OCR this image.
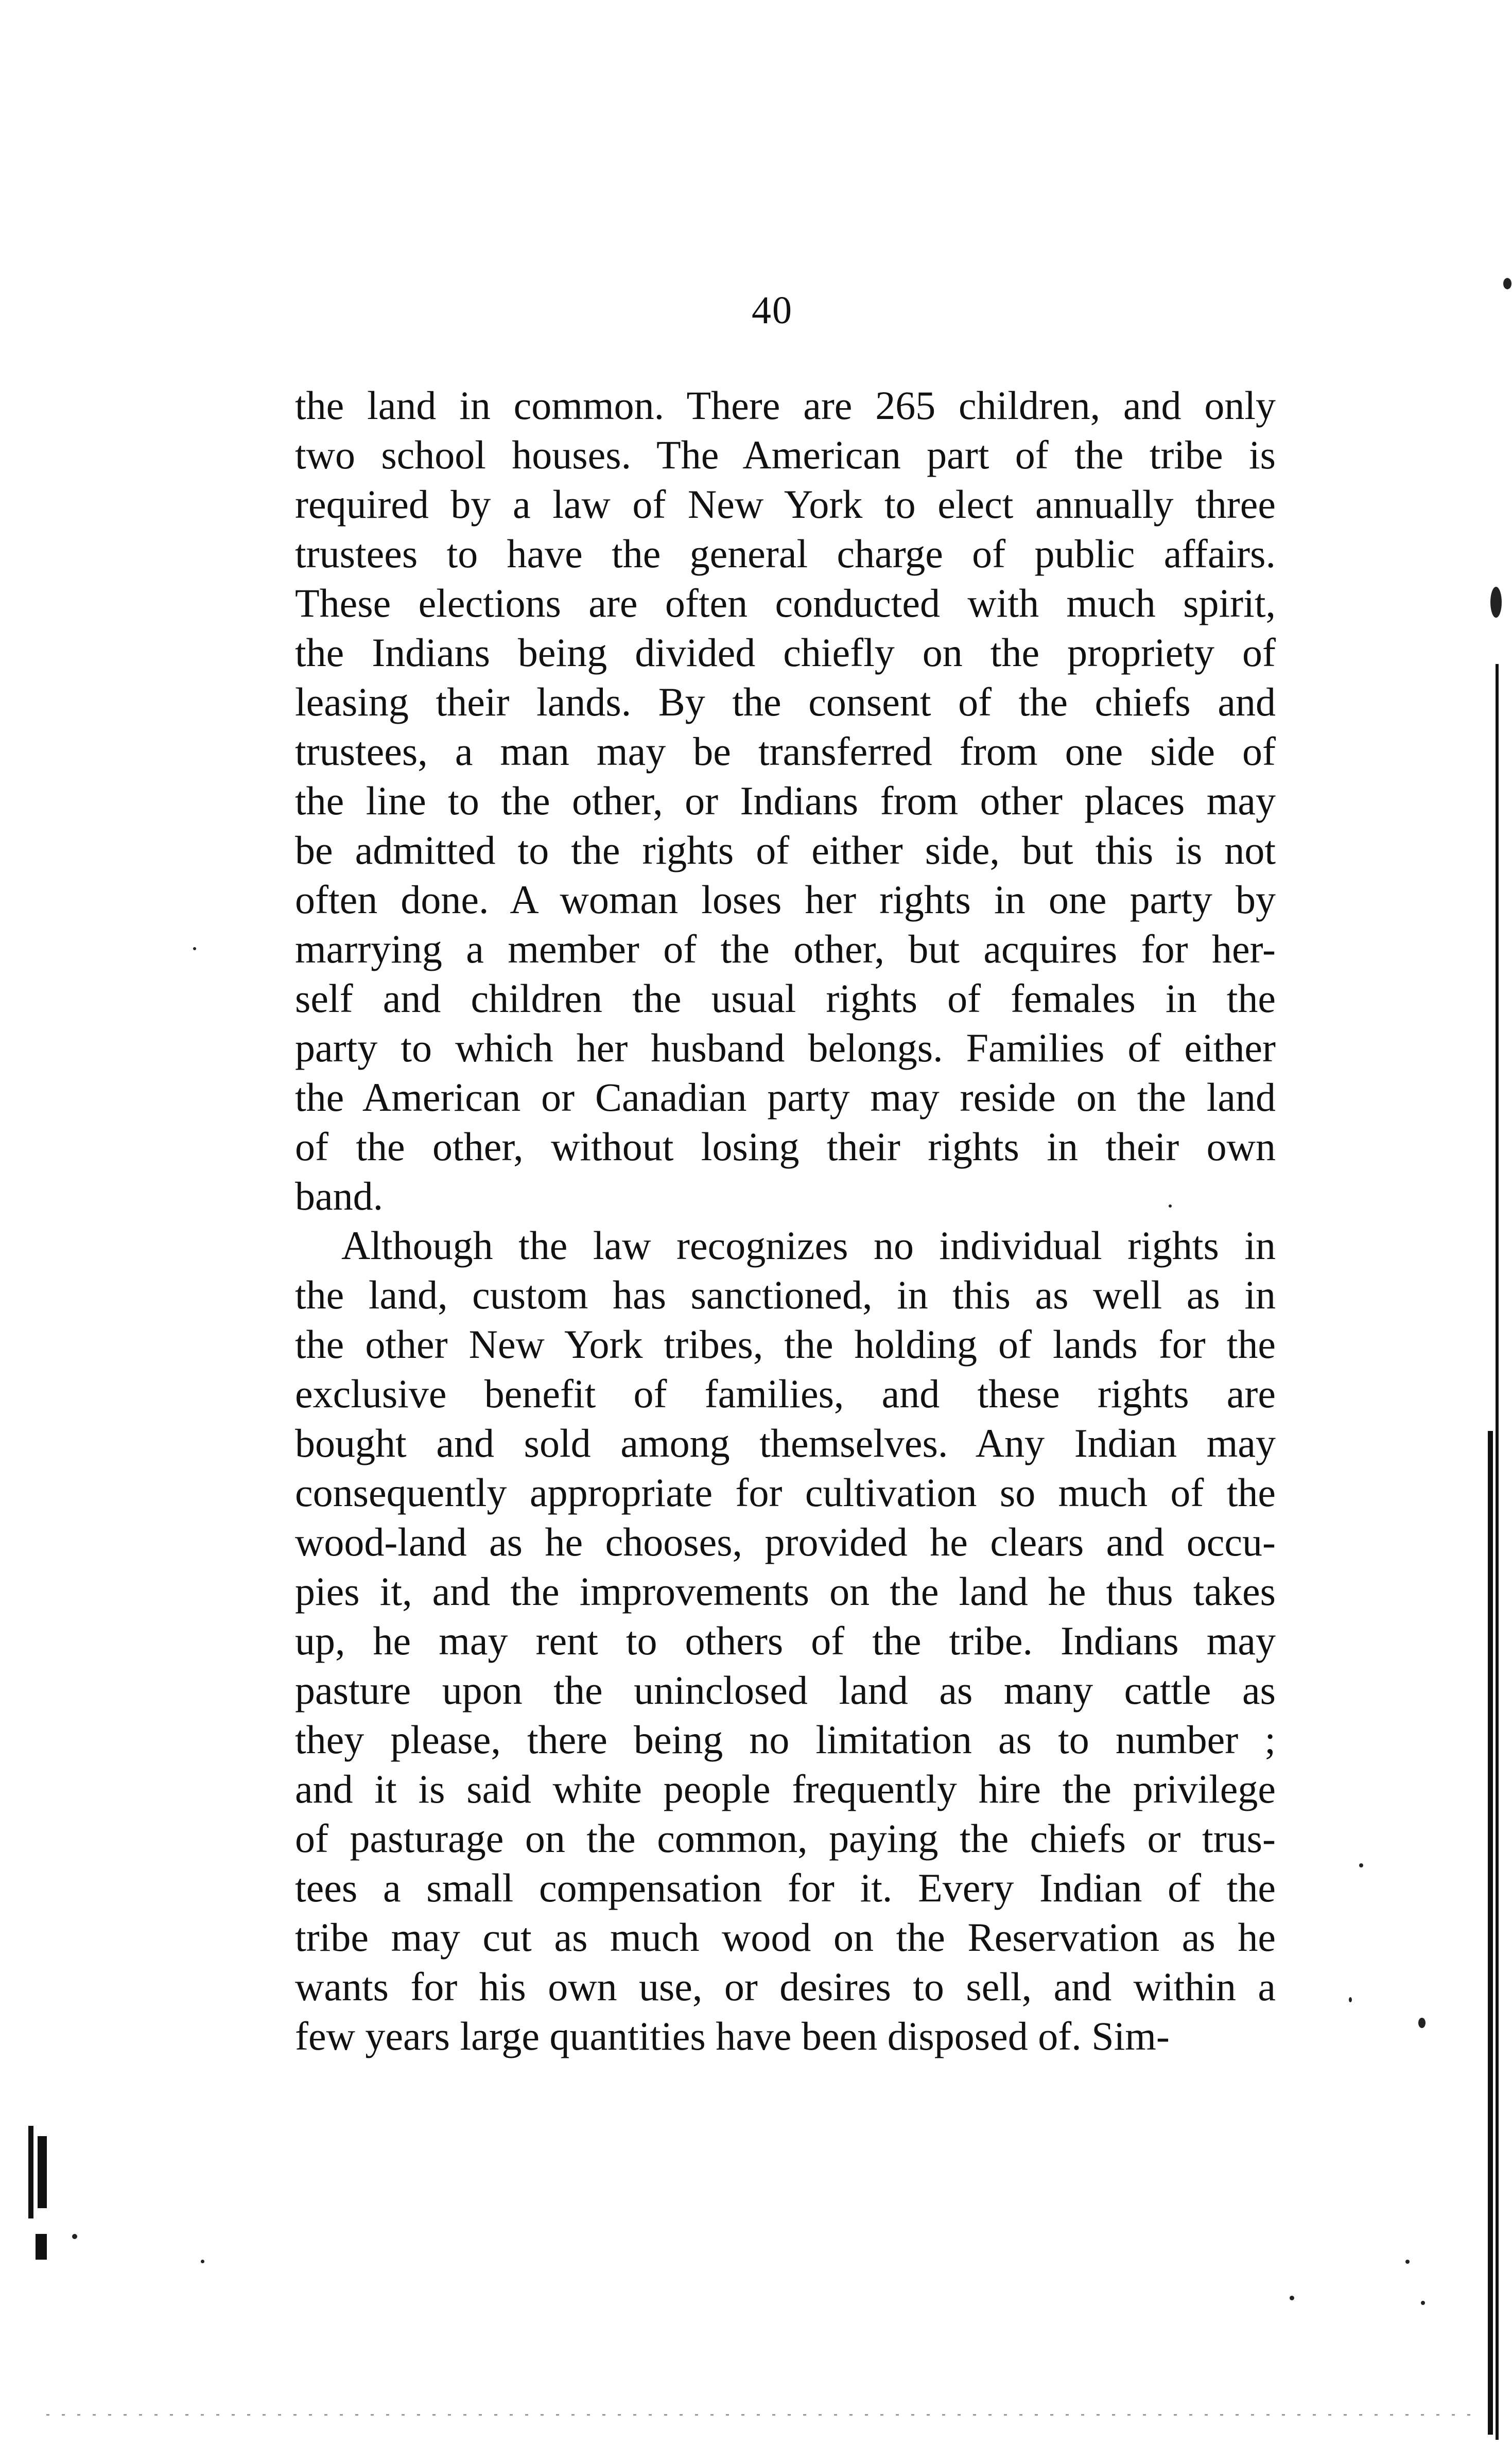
40

the land in common. There are 265 children, and only
two school houses. The American part of the tribe is
required by a law of New York to elect annually three
trustees to have the general charge of public affairs.
These elections are often conducted with much spirit,
the Indians being divided chiefly on the propriety of
leasing their lands. By the consent of the chiefs and
trustees, a man may be transferred from one side of
the line to the other, or Indians from other places may
be admitted to the rights of either side, but this is not
often done. A woman loses her rights in one party by
marrying a member of the other, but acquires for her-
self and children the usual rights of females in the
party to which her husband belongs. Families of either
the American or Canadian party may reside on the land
of the other, without losing their rights in their own
band.

Although the law recognizes no individual rights in
the land, custom has sanctioned, in this as well as in
the other New York tribes, the holding of lands for the
exclusive benefit of families, and these rights are
bought and sold among themselves. Any Indian may
consequently appropriate for cultivation so much of the
wood-land as he chooses, provided he clears and occu-
pies it, and the improvements on the land he thus takes
up, he may rent to others of the tribe. Indians may
pasture upon the uninclosed land as many cattle as
they please, there being no limitation as to number ;
and it is said white people frequently hire the privilege
of pasturage on the common, paying the chiefs or trus-
tees a small compensation for it. Every Indian of the
tribe may cut as much wood on the Reservation as he
wants for his own use, or desires to sell, and within a
few years large quantities have been disposed of. Sim-
